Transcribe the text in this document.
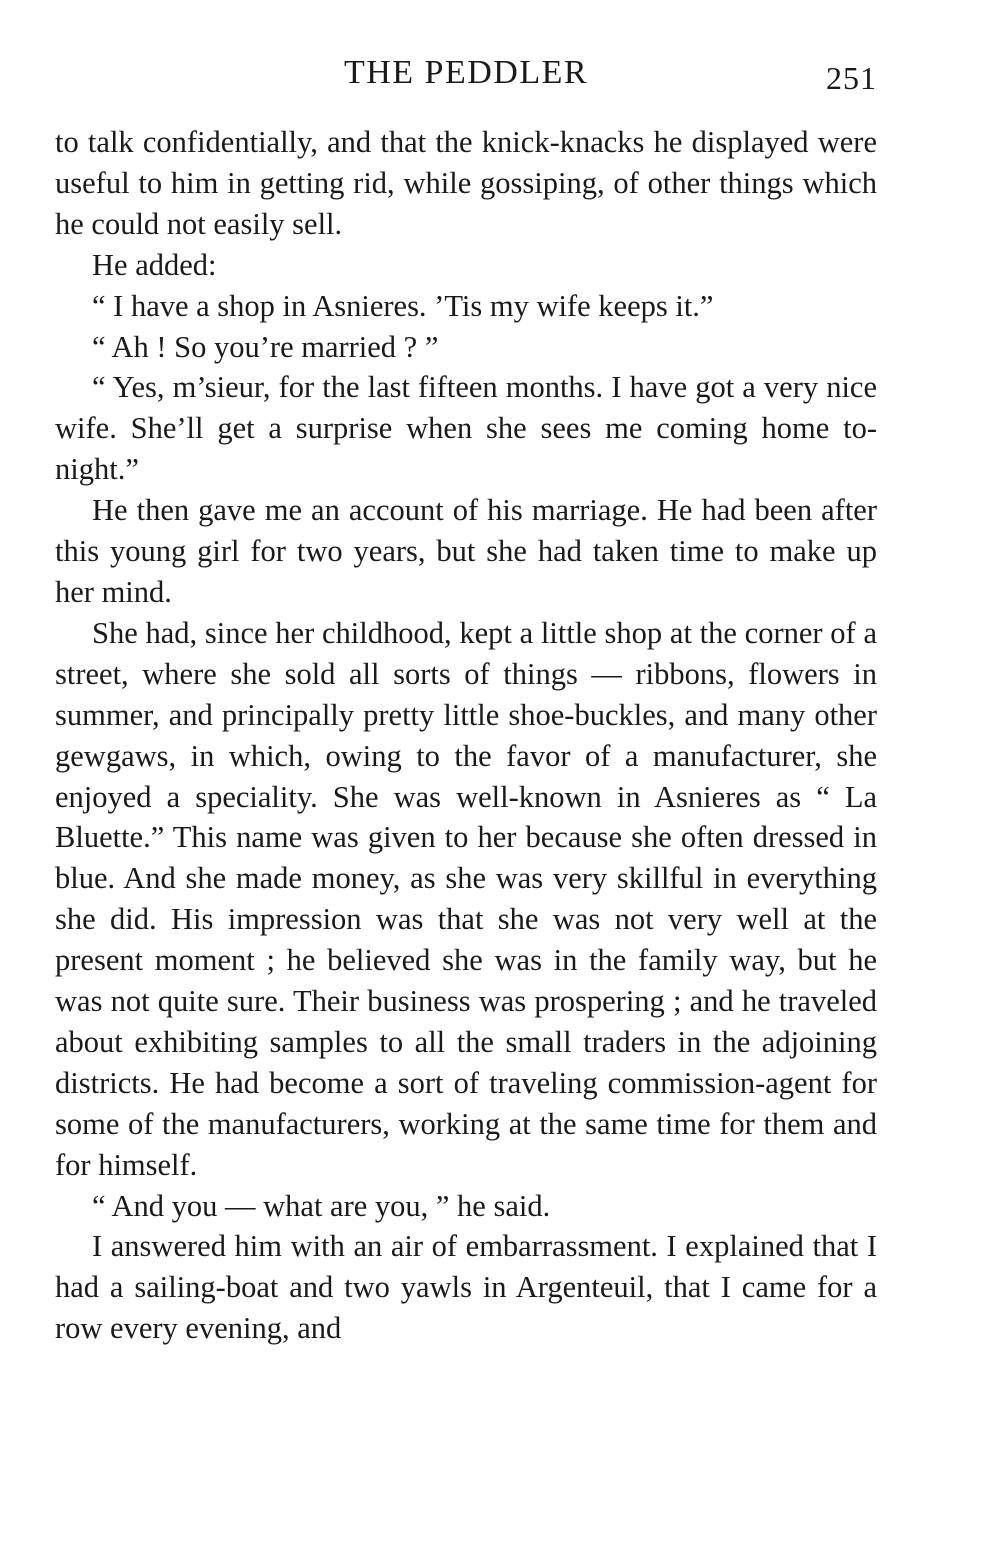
THE PEDDLER	251

to talk confidentially, and that the knick-knacks he displayed were useful to him in getting rid, while gossiping, of other things which he could not easily sell.

He added:

“ I have a shop in Asnieres. ’Tis my wife keeps it.”

“ Ah ! So you’re married ? ”

“ Yes, m’sieur, for the last fifteen months. I have got a very nice wife. She’ll get a surprise when she sees me coming home to-night.”

He then gave me an account of his marriage. He had been after this young girl for two years, but she had taken time to make up her mind.

She had, since her childhood, kept a little shop at the corner of a street, where she sold all sorts of things — ribbons, flowers in summer, and principally pretty little shoe-buckles, and many other gewgaws, in which, owing to the favor of a manufacturer, she enjoyed a speciality. She was well-known in Asnieres as “ La Bluette.” This name was given to her because she often dressed in blue. And she made money, as she was very skillful in everything she did. His impression was that she was not very well at the present moment ; he believed she was in the family way, but he was not quite sure. Their business was prospering ; and he traveled about exhibiting samples to all the small traders in the adjoining districts. He had become a sort of traveling commission-agent for some of the manufacturers, working at the same time for them and for himself.

“ And you — what are you, ” he said.

I answered him with an air of embarrassment. I explained that I had a sailing-boat and two yawls in Argenteuil, that I came for a row every evening, and
